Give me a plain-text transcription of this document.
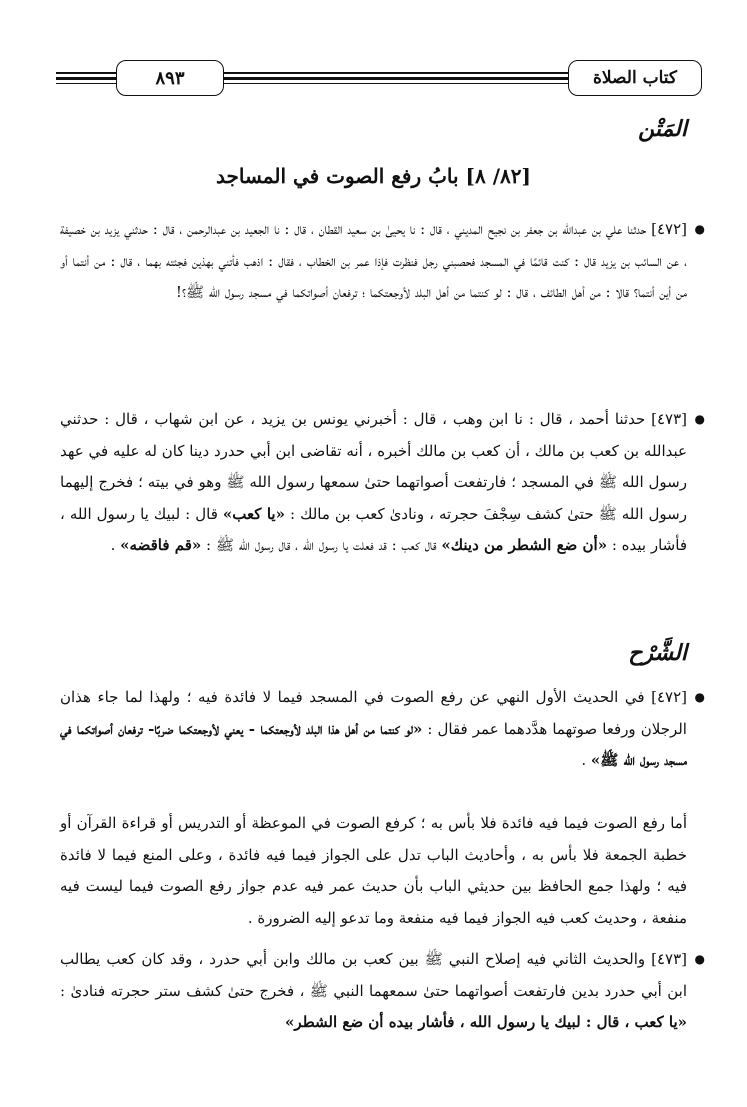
كتاب الصلاة
٨٩٣
المَتْن
[٨٢/ ٨] بابُ رفع الصوت في المساجد
● [٤٧٢] حدثنا علي بن عبدالله بن جعفر بن نجيح المديني ، قال : نا يحيىٰ بن سعيد القطان ، قال : نا الجعيد بن عبدالرحمن ، قال : حدثني يزيد بن خصيفة ، عن السائب بن يزيد قال : كنت قائمًا في المسجد فحصبني رجل فنظرت فإذا عمر بن الخطاب ، فقال : اذهب فأتني بهذين فجئته بهما ، قال : من أنتما أو من أين أنتما؟ قالا : من أهل الطائف ، قال : لو كنتما من أهل البلد لأوجعتكما ؛ ترفعان أصواتكما في مسجد رسول الله ﷺ؟!
● [٤٧٣] حدثنا أحمد ، قال : نا ابن وهب ، قال : أخبرني يونس بن يزيد ، عن ابن شهاب ، قال : حدثني عبدالله بن كعب بن مالك ، أن كعب بن مالك أخبره ، أنه تقاضى ابن أبي حدرد دينا كان له عليه في عهد رسول الله ﷺ في المسجد ؛ فارتفعت أصواتهما حتىٰ سمعها رسول الله ﷺ وهو في بيته ؛ فخرج إليهما رسول الله ﷺ حتىٰ كشف سِجْفَ حجرته ، ونادىٰ كعب بن مالك : «يا كعب» قال : لبيك يا رسول الله ، فأشار بيده : «أن ضع الشطر من دينك» قال كعب : قد فعلت يا رسول الله ، قال رسول الله ﷺ : «قم فاقضه» .
الشَّرْح
● [٤٧٢] في الحديث الأول النهي عن رفع الصوت في المسجد فيما لا فائدة فيه ؛ ولهذا لما جاء هذان الرجلان ورفعا صوتهما هدَّدهما عمر فقال : «لو كنتما من أهل هذا البلد لأوجعتكما - يعني لأوجعتكما ضربًا- ترفعان أصواتكما في مسجد رسول الله ﷺ» .
أما رفع الصوت فيما فيه فائدة فلا بأس به ؛ كرفع الصوت في الموعظة أو التدريس أو قراءة القرآن أو خطبة الجمعة فلا بأس به ، وأحاديث الباب تدل على الجواز فيما فيه فائدة ، وعلى المنع فيما لا فائدة فيه ؛ ولهذا جمع الحافظ بين حديثي الباب بأن حديث عمر فيه عدم جواز رفع الصوت فيما ليست فيه منفعة ، وحديث كعب فيه الجواز فيما فيه منفعة وما تدعو إليه الضرورة .
● [٤٧٣] والحديث الثاني فيه إصلاح النبي ﷺ بين كعب بن مالك وابن أبي حدرد ، وقد كان كعب يطالب ابن أبي حدرد بدين فارتفعت أصواتهما حتىٰ سمعهما النبي ﷺ ، فخرج حتىٰ كشف ستر حجرته فنادىٰ : «يا كعب ، قال : لبيك يا رسول الله ، فأشار بيده أن ضع الشطر»
